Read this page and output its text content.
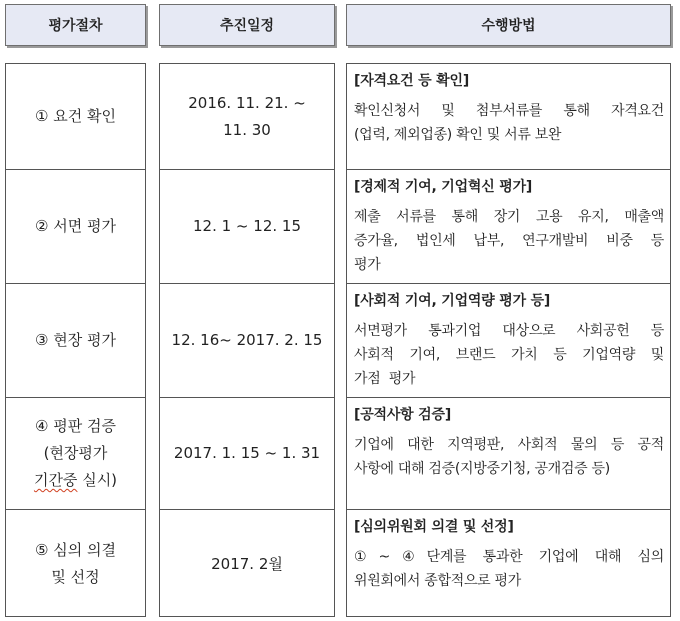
평가절차	추진일정	수행방법
① 요건 확인
② 서면 평가
③ 현장 평가
④ 평판 검증
(현장평가
기간중 실시)
⑤ 심의 의결
및 선정
2016. 11. 21. ~
11. 30
12. 1 ~ 12. 15
12. 16~ 2017. 2. 15
2017. 1. 15 ~ 1. 31
2017. 2월
[자격요건 등 확인]
확인신청서 및 첨부서류를 통해 자격요건
(업력, 제외업종) 확인 및 서류 보완
[경제적 기여, 기업혁신 평가]
제출 서류를 통해 장기 고용 유지, 매출액
증가율, 법인세 납부, 연구개발비 비중 등
평가
[사회적 기여, 기업역량 평가 등]
서면평가 통과기업 대상으로 사회공헌 등
사회적 기여, 브랜드 가치 등 기업역량 및
가점  평가
[공적사항 검증]
기업에 대한 지역평판, 사회적 물의 등 공적
사항에 대해 검증(지방중기청, 공개검증 등)
[심의위원회 의결 및 선정]
①~④단계를 통과한 기업에 대해 심의
위원회에서 종합적으로 평가
